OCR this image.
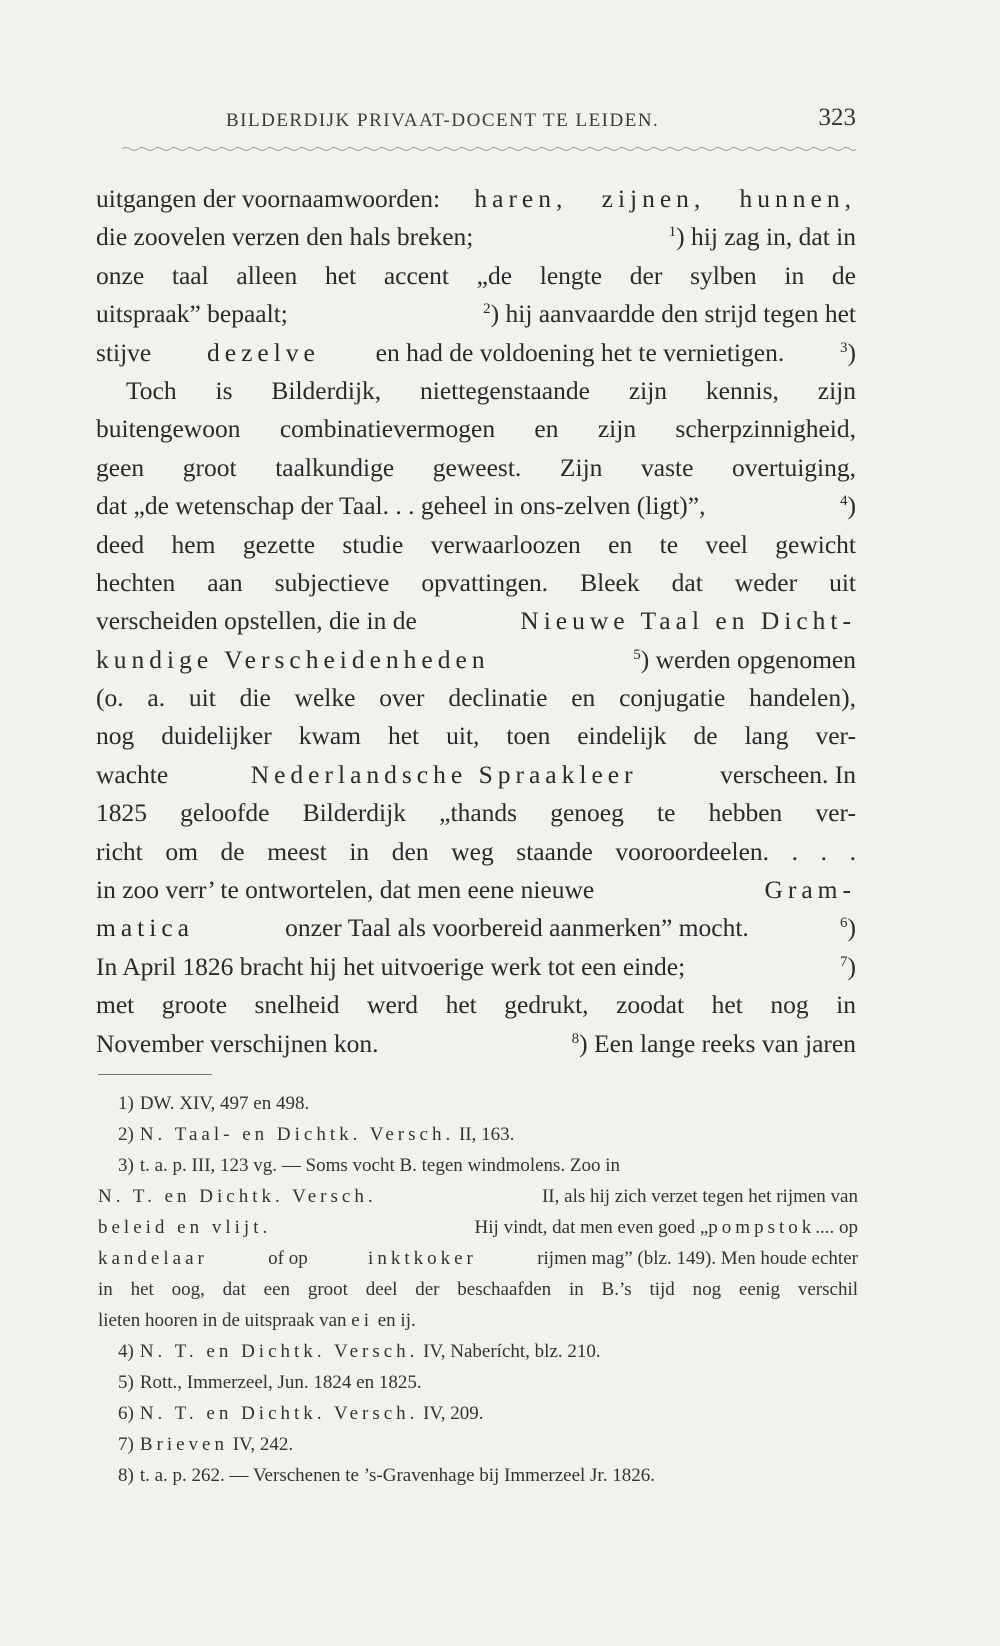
BILDERDIJK PRIVAAT-DOCENT TE LEIDEN.	323
uitgangen der voornaamwoorden: haren, zijnen, hunnen,
die zoovelen verzen den hals breken;	$^1$) hij zag in, dat in
onze taal alleen het accent „de lengte der sylben in de
uitspraak” bepaalt;	$^2$) hij aanvaardde den strijd tegen het
stijve dezelve en had de voldoening het te vernietigen.	$^3$)
Toch is Bilderdijk, niettegenstaande zijn kennis, zijn
buitengewoon combinatievermogen en zijn scherpzinnigheid,
geen groot taalkundige geweest. Zijn vaste overtuiging,
dat „de wetenschap der Taal. . . geheel in ons-zelven (ligt)”,	$^4$)
deed hem gezette studie verwaarloozen en te veel gewicht
hechten aan subjectieve opvattingen. Bleek dat weder uit
verscheiden opstellen, die in de	Nieuwe Taal en Dicht-
kundige Verscheidenheden	$^5$) werden opgenomen
(o. a. uit die welke over declinatie en conjugatie handelen),
nog duidelijker kwam het uit, toen eindelijk de lang ver-
wachte	Nederlandsche Spraakleer	verscheen. In
1825 geloofde Bilderdijk „thands genoeg te hebben ver-
richt om de meest in den weg staande vooroordeelen. . . .
in zoo verr’ te ontwortelen, dat men eene nieuwe	Gram-
matica	onzer Taal als voorbereid aanmerken” mocht.	$^6$)
In April 1826 bracht hij het uitvoerige werk tot een einde;	$^7$)
met groote snelheid werd het gedrukt, zoodat het nog in
November verschijnen kon.	$^8$) Een lange reeks van jaren
1) DW. XIV, 497 en 498.
2) N. Taal- en Dichtk. Versch. II, 163.
3) t. a. p. III, 123 vg. — Soms vocht B. tegen windmolens. Zoo in
N. T. en Dichtk. Versch.	II, als hij zich verzet tegen het rijmen van
beleid en vlijt.	Hij vindt, dat men even goed „pompstok.... op
kandelaar	of op	inktkoker	rijmen mag” (blz. 149). Men houde echter
in het oog, dat een groot deel der beschaafden in B.’s tijd nog eenig verschil
lieten hooren in de uitspraak van ei en ij.
4) N. T. en Dichtk. Versch. IV, Naberícht, blz. 210.
5) Rott., Immerzeel, Jun. 1824 en 1825.
6) N. T. en Dichtk. Versch. IV, 209.
7) Brieven IV, 242.
8) t. a. p. 262. — Verschenen te ’s-Gravenhage bij Immerzeel Jr. 1826.
